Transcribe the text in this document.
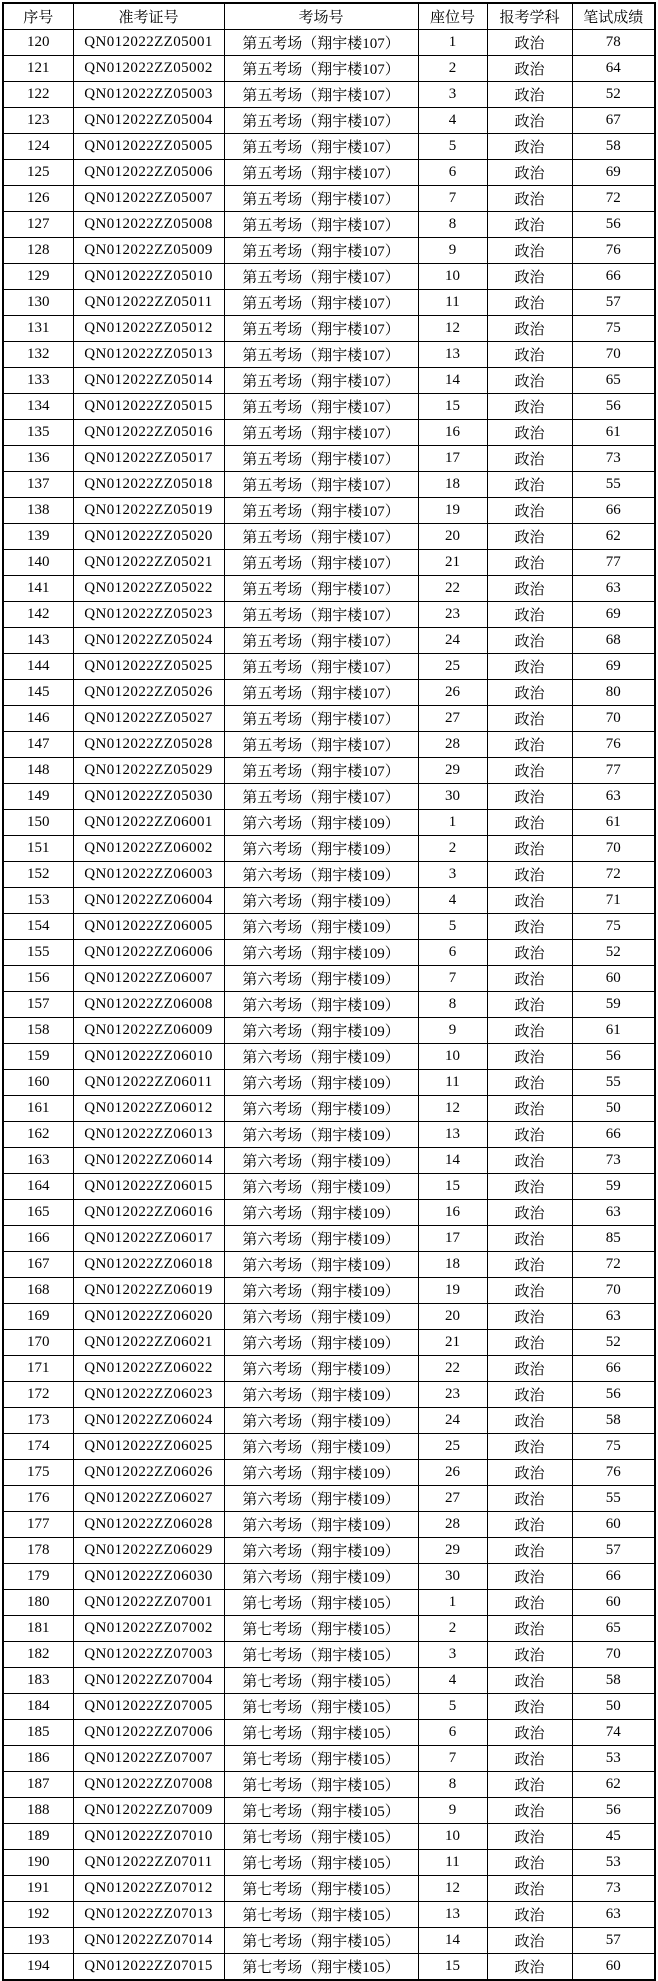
序号	准考证号	考场号	座位号	报考学科	笔试成绩
120	QN012022ZZ05001	第五考场（翔宇楼107）	1	政治	78
121	QN012022ZZ05002	第五考场（翔宇楼107）	2	政治	64
122	QN012022ZZ05003	第五考场（翔宇楼107）	3	政治	52
123	QN012022ZZ05004	第五考场（翔宇楼107）	4	政治	67
124	QN012022ZZ05005	第五考场（翔宇楼107）	5	政治	58
125	QN012022ZZ05006	第五考场（翔宇楼107）	6	政治	69
126	QN012022ZZ05007	第五考场（翔宇楼107）	7	政治	72
127	QN012022ZZ05008	第五考场（翔宇楼107）	8	政治	56
128	QN012022ZZ05009	第五考场（翔宇楼107）	9	政治	76
129	QN012022ZZ05010	第五考场（翔宇楼107）	10	政治	66
130	QN012022ZZ05011	第五考场（翔宇楼107）	11	政治	57
131	QN012022ZZ05012	第五考场（翔宇楼107）	12	政治	75
132	QN012022ZZ05013	第五考场（翔宇楼107）	13	政治	70
133	QN012022ZZ05014	第五考场（翔宇楼107）	14	政治	65
134	QN012022ZZ05015	第五考场（翔宇楼107）	15	政治	56
135	QN012022ZZ05016	第五考场（翔宇楼107）	16	政治	61
136	QN012022ZZ05017	第五考场（翔宇楼107）	17	政治	73
137	QN012022ZZ05018	第五考场（翔宇楼107）	18	政治	55
138	QN012022ZZ05019	第五考场（翔宇楼107）	19	政治	66
139	QN012022ZZ05020	第五考场（翔宇楼107）	20	政治	62
140	QN012022ZZ05021	第五考场（翔宇楼107）	21	政治	77
141	QN012022ZZ05022	第五考场（翔宇楼107）	22	政治	63
142	QN012022ZZ05023	第五考场（翔宇楼107）	23	政治	69
143	QN012022ZZ05024	第五考场（翔宇楼107）	24	政治	68
144	QN012022ZZ05025	第五考场（翔宇楼107）	25	政治	69
145	QN012022ZZ05026	第五考场（翔宇楼107）	26	政治	80
146	QN012022ZZ05027	第五考场（翔宇楼107）	27	政治	70
147	QN012022ZZ05028	第五考场（翔宇楼107）	28	政治	76
148	QN012022ZZ05029	第五考场（翔宇楼107）	29	政治	77
149	QN012022ZZ05030	第五考场（翔宇楼107）	30	政治	63
150	QN012022ZZ06001	第六考场（翔宇楼109）	1	政治	61
151	QN012022ZZ06002	第六考场（翔宇楼109）	2	政治	70
152	QN012022ZZ06003	第六考场（翔宇楼109）	3	政治	72
153	QN012022ZZ06004	第六考场（翔宇楼109）	4	政治	71
154	QN012022ZZ06005	第六考场（翔宇楼109）	5	政治	75
155	QN012022ZZ06006	第六考场（翔宇楼109）	6	政治	52
156	QN012022ZZ06007	第六考场（翔宇楼109）	7	政治	60
157	QN012022ZZ06008	第六考场（翔宇楼109）	8	政治	59
158	QN012022ZZ06009	第六考场（翔宇楼109）	9	政治	61
159	QN012022ZZ06010	第六考场（翔宇楼109）	10	政治	56
160	QN012022ZZ06011	第六考场（翔宇楼109）	11	政治	55
161	QN012022ZZ06012	第六考场（翔宇楼109）	12	政治	50
162	QN012022ZZ06013	第六考场（翔宇楼109）	13	政治	66
163	QN012022ZZ06014	第六考场（翔宇楼109）	14	政治	73
164	QN012022ZZ06015	第六考场（翔宇楼109）	15	政治	59
165	QN012022ZZ06016	第六考场（翔宇楼109）	16	政治	63
166	QN012022ZZ06017	第六考场（翔宇楼109）	17	政治	85
167	QN012022ZZ06018	第六考场（翔宇楼109）	18	政治	72
168	QN012022ZZ06019	第六考场（翔宇楼109）	19	政治	70
169	QN012022ZZ06020	第六考场（翔宇楼109）	20	政治	63
170	QN012022ZZ06021	第六考场（翔宇楼109）	21	政治	52
171	QN012022ZZ06022	第六考场（翔宇楼109）	22	政治	66
172	QN012022ZZ06023	第六考场（翔宇楼109）	23	政治	56
173	QN012022ZZ06024	第六考场（翔宇楼109）	24	政治	58
174	QN012022ZZ06025	第六考场（翔宇楼109）	25	政治	75
175	QN012022ZZ06026	第六考场（翔宇楼109）	26	政治	76
176	QN012022ZZ06027	第六考场（翔宇楼109）	27	政治	55
177	QN012022ZZ06028	第六考场（翔宇楼109）	28	政治	60
178	QN012022ZZ06029	第六考场（翔宇楼109）	29	政治	57
179	QN012022ZZ06030	第六考场（翔宇楼109）	30	政治	66
180	QN012022ZZ07001	第七考场（翔宇楼105）	1	政治	60
181	QN012022ZZ07002	第七考场（翔宇楼105）	2	政治	65
182	QN012022ZZ07003	第七考场（翔宇楼105）	3	政治	70
183	QN012022ZZ07004	第七考场（翔宇楼105）	4	政治	58
184	QN012022ZZ07005	第七考场（翔宇楼105）	5	政治	50
185	QN012022ZZ07006	第七考场（翔宇楼105）	6	政治	74
186	QN012022ZZ07007	第七考场（翔宇楼105）	7	政治	53
187	QN012022ZZ07008	第七考场（翔宇楼105）	8	政治	62
188	QN012022ZZ07009	第七考场（翔宇楼105）	9	政治	56
189	QN012022ZZ07010	第七考场（翔宇楼105）	10	政治	45
190	QN012022ZZ07011	第七考场（翔宇楼105）	11	政治	53
191	QN012022ZZ07012	第七考场（翔宇楼105）	12	政治	73
192	QN012022ZZ07013	第七考场（翔宇楼105）	13	政治	63
193	QN012022ZZ07014	第七考场（翔宇楼105）	14	政治	57
194	QN012022ZZ07015	第七考场（翔宇楼105）	15	政治	60
